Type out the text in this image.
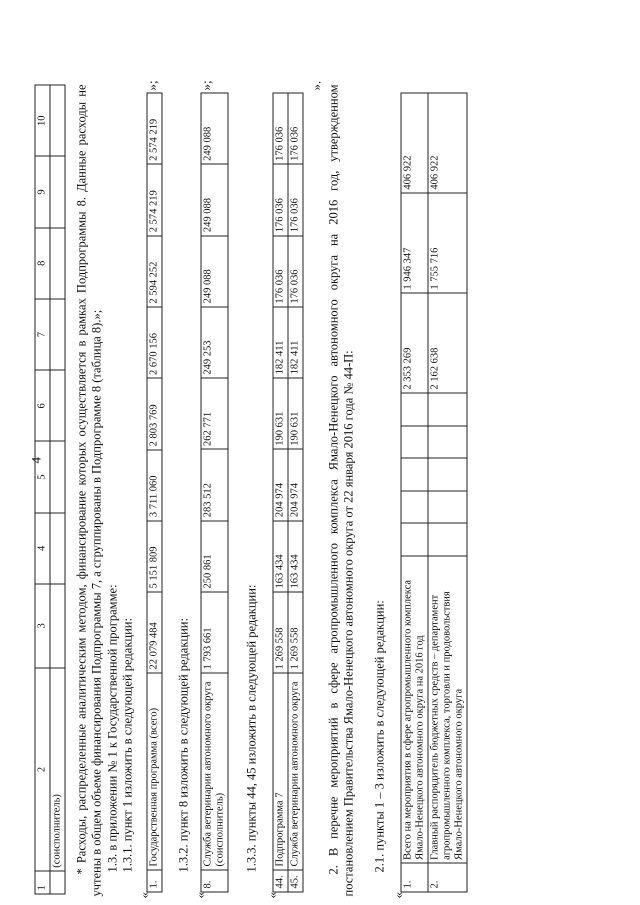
4
1	2	3	4	5	6	7	8	9	10
	(соисполнитель)								* Расходы, распределенные аналитическим методом, финансирование которых осуществляется в рамках Подпрограммы 8. Данные расходы не учтены в общем объеме финансирования Подпрограммы 7, а сгруппированы в Подпрограмме 8 (таблица 8).»; 1.3. в приложении № 1 к Государственной программе: 1.3.1. пункт 1 изложить в следующей редакции:
«
1.	Государственная программа (всего)	22 079 484	5 151 809	3 711 060	2 803 769	2 670 156	2 594 252	2 574 219	2 574 219
»;
1.3.2. пункт 8 изложить в следующей редакции:
«
8.	Служба ветеринарии автономного округа (соисполнитель)	1 793 661	250 861	283 512	262 771	249 253	249 088	249 088	249 088
»;
1.3.3. пункты 44, 45 изложить в следующей редакции:
«
44.	Подпрограмма 7	1 269 558	163 434	204 974	190 631	182 411	176 036	176 036	176 036
45.	Служба ветеринарии автономного округа	1 269 558	163 434	204 974	190 631	182 411	176 036	176 036	176 036
». 2. В перечне мероприятий в сфере агропромышленного комплекса Ямало-Ненецкого автономного округа на 2016 год, утвержденном постановлением Правительства Ямало-Ненецкого автономного округа от 22 января 2016 года № 44-П: 2.1. пункты 1 – 3 изложить в следующей редакции:
«
1.	Всего на мероприятия в сфере агропромышленного комплекса Ямало-Ненецкого автономного округа на 2016 год						2 353 269	1 946 347	406 922
2.	Главный распорядитель бюджетных средств – департамент агропромышленного комплекса, торговли и продовольствия Ямало-Ненецкого автономного округа						2 162 638	1 755 716	406 922
